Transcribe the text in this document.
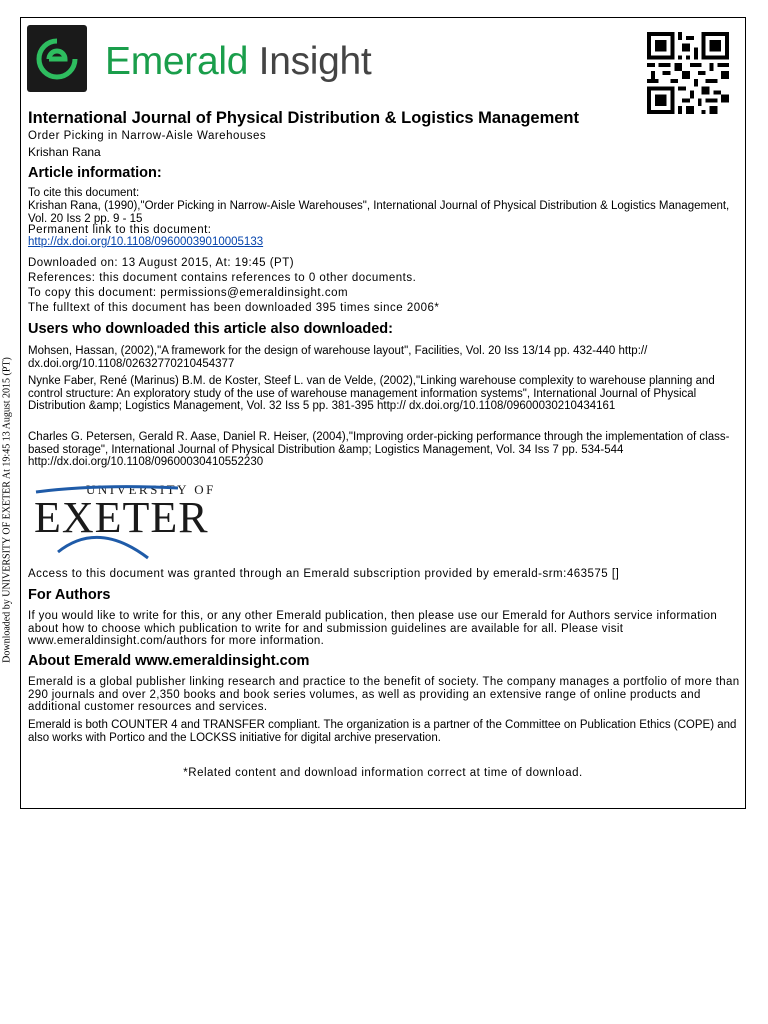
Downloaded by UNIVERSITY OF EXETER At 19:45 13 August 2015 (PT)
Emerald Insight
International Journal of Physical Distribution & Logistics Management
Order Picking in Narrow-Aisle Warehouses
Krishan Rana
Article information:
To cite this document:
Krishan Rana, (1990),"Order Picking in Narrow-Aisle Warehouses", International Journal of Physical Distribution & Logistics Management, Vol. 20 Iss 2 pp. 9 - 15
Permanent link to this document:
http://dx.doi.org/10.1108/09600039010005133
Downloaded on: 13 August 2015, At: 19:45 (PT)
References: this document contains references to 0 other documents.
To copy this document: permissions@emeraldinsight.com
The fulltext of this document has been downloaded 395 times since 2006*
Users who downloaded this article also downloaded:
Mohsen, Hassan, (2002),"A framework for the design of warehouse layout", Facilities, Vol. 20 Iss 13/14 pp. 432-440 http:// dx.doi.org/10.1108/02632770210454377
Nynke Faber, René (Marinus) B.M. de Koster, Steef L. van de Velde, (2002),"Linking warehouse complexity to warehouse planning and control structure: An exploratory study of the use of warehouse management information systems", International Journal of Physical Distribution &amp; Logistics Management, Vol. 32 Iss 5 pp. 381-395 http:// dx.doi.org/10.1108/09600030210434161
Charles G. Petersen, Gerald R. Aase, Daniel R. Heiser, (2004),"Improving order-picking performance through the implementation of class-based storage", International Journal of Physical Distribution &amp; Logistics Management, Vol. 34 Iss 7 pp. 534-544 http://dx.doi.org/10.1108/09600030410552230
UNIVERSITY OF
EXETER
Access to this document was granted through an Emerald subscription provided by emerald-srm:463575 []
For Authors
If you would like to write for this, or any other Emerald publication, then please use our Emerald for Authors service information about how to choose which publication to write for and submission guidelines are available for all. Please visit www.emeraldinsight.com/authors for more information.
About Emerald www.emeraldinsight.com
Emerald is a global publisher linking research and practice to the benefit of society. The company manages a portfolio of more than 290 journals and over 2,350 books and book series volumes, as well as providing an extensive range of online products and additional customer resources and services.
Emerald is both COUNTER 4 and TRANSFER compliant. The organization is a partner of the Committee on Publication Ethics (COPE) and also works with Portico and the LOCKSS initiative for digital archive preservation.
*Related content and download information correct at time of download.
